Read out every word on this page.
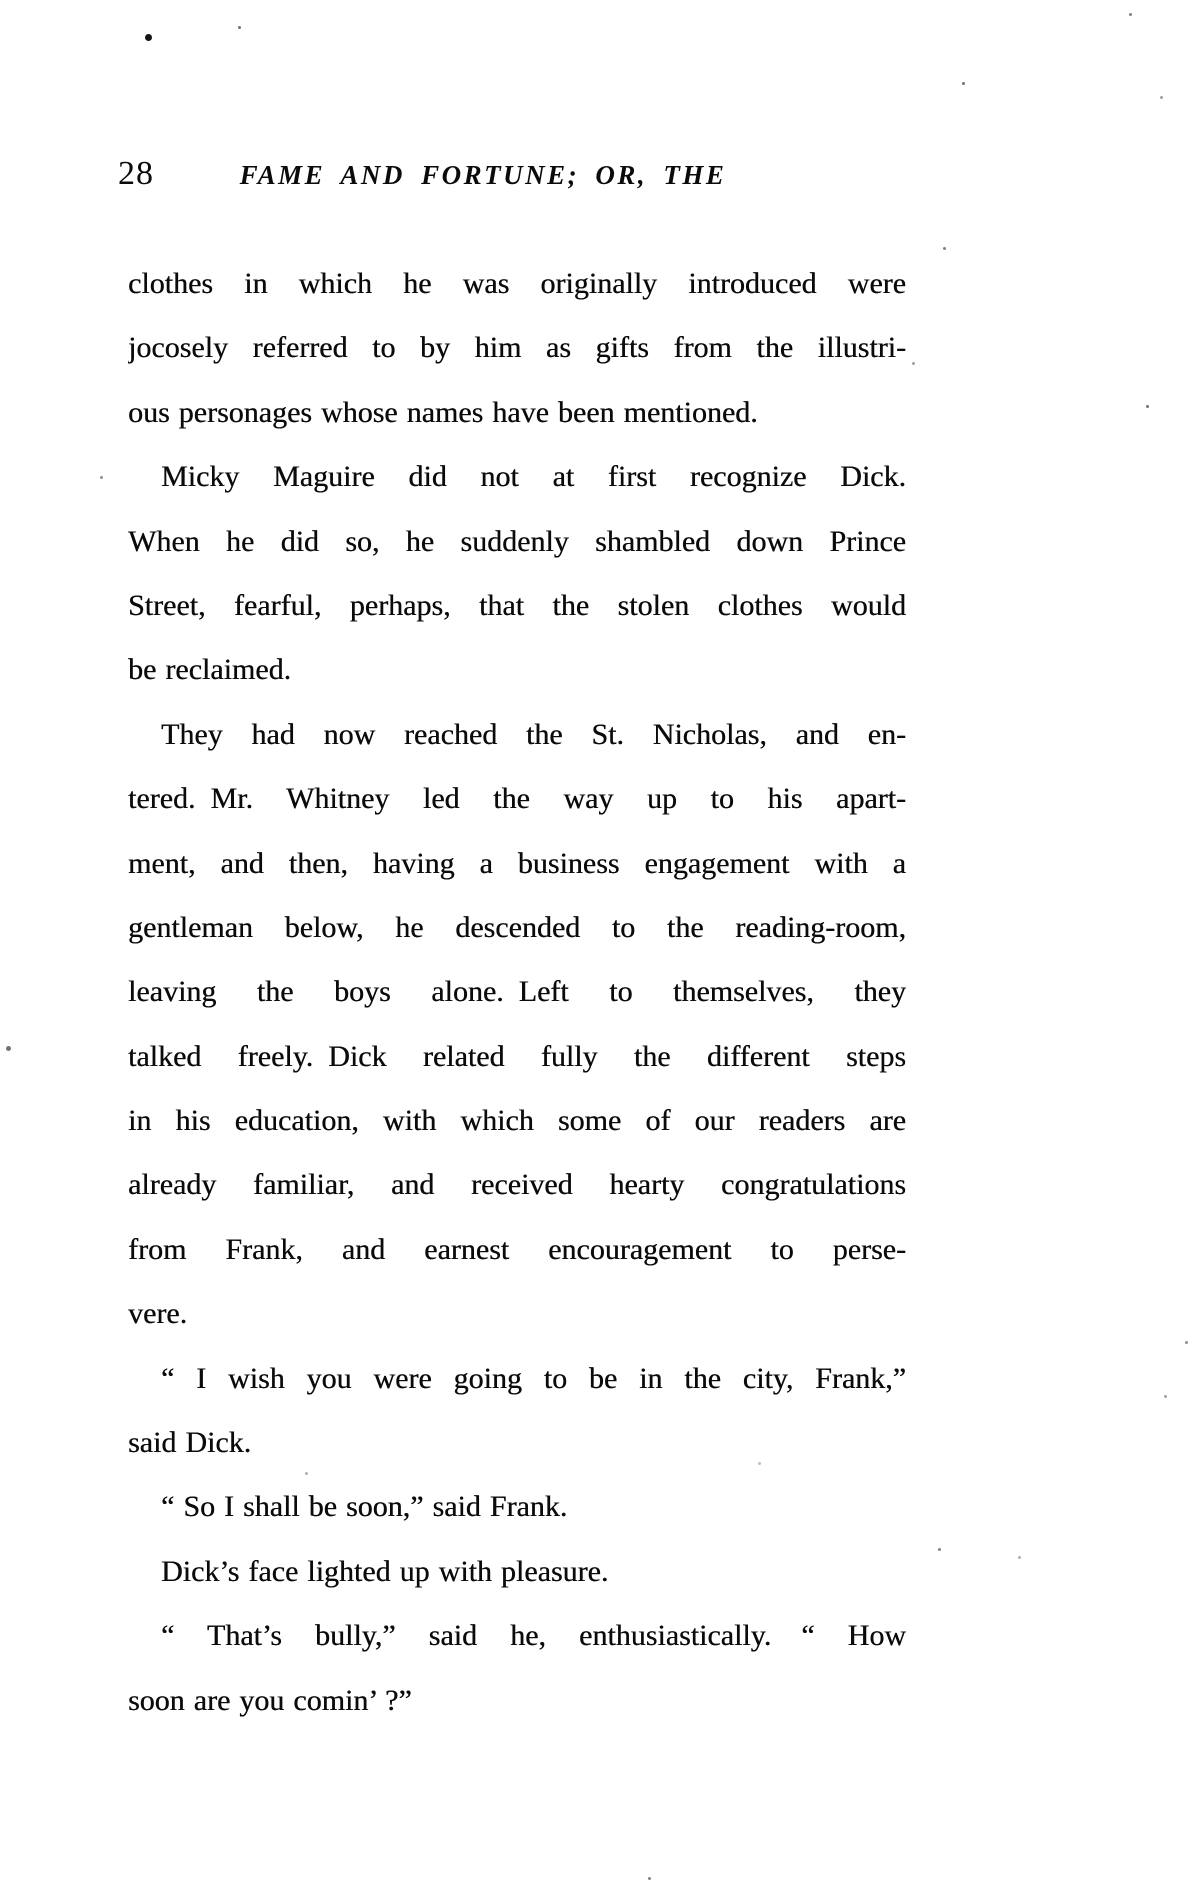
28	FAME AND FORTUNE; OR, THE
clothes in which he was originally introduced were
jocosely referred to by him as gifts from the illustri-
ous personages whose names have been mentioned.
Micky Maguire did not at first recognize Dick.
When he did so, he suddenly shambled down Prince
Street, fearful, perhaps, that the stolen clothes would
be reclaimed.
They had now reached the St. Nicholas, and en-
tered. Mr. Whitney led the way up to his apart-
ment, and then, having a business engagement with a
gentleman below, he descended to the reading-room,
leaving the boys alone. Left to themselves, they
talked freely. Dick related fully the different steps
in his education, with which some of our readers are
already familiar, and received hearty congratulations
from Frank, and earnest encouragement to perse-
vere.
“ I wish you were going to be in the city, Frank,”
said Dick.
“ So I shall be soon,” said Frank.
Dick’s face lighted up with pleasure.
“ That’s bully,” said he, enthusiastically. “ How
soon are you comin’ ?”
